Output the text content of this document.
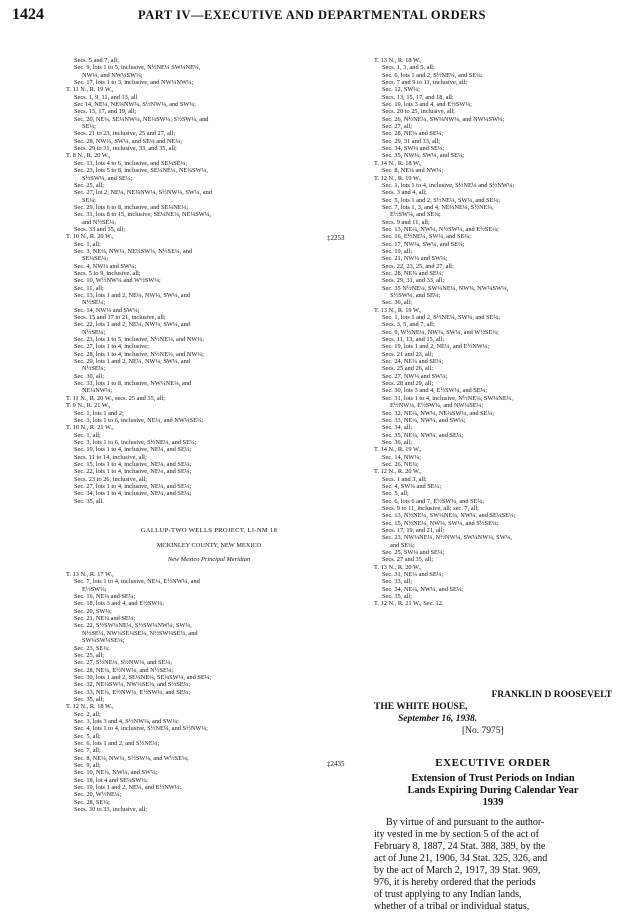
1424	PART IV—EXECUTIVE AND DEPARTMENTAL ORDERS
Secs. 5 and 7, all;
Sec. 9, lots 1 to 5, inclusive, N½NE¼ SW¼NE¼,
NW¼, and NW¼SW¼;
Sec. 17, lots 1 to 3, inclusive, and NW¼NW¼;
T. 11 N., R. 19 W.,
Secs. 1, 9, 11, and 13, all
Sec 14, NE¼, NE¼NW¼, S½NW¼, and SW¼;
Secs. 15, 17, and 19, all;
Sec. 20, NE¼, SE¼NW¼, NE¼SW¼, S½SW¼, and
SE¼;
Secs. 21 to 23, inclusive, 25 and 27, all;
Sec. 28, NW¼, SW¼, and SE¼ and NE¼;
Secs. 29 to 31, inclusive, 33, and 35, all;
T. 8 N., R. 20 W.,
Sec. 13, lots 4 to 6, inclusive, and SE¼SE¼;
Sec. 23, lots 5 to 8, inclusive, SE¼NE¼, NE¼SW¼,
S½SW¼, and SE¼;
Sec. 25, all;
Sec. 27, lot 2, NE¼, NE¼NW¼, S½NW¼, SW¼, and
SE¼;
Sec. 29, lots 6 to 8, inclusive, and SE¼NE¼;
Sec. 31, lots 8 to 15, inclusive, SE¼NE¼, NE¼SW¼,
and N½SE¼;
Secs. 33 and 35, all;
T. 10 N., R. 20 W.,
Sec. 1, all;
Sec. 3, NE¼, NW¼, NE¼SW¼, N½SE¼, and
SE¼SE¼;
Sec. 4, NW¼ and SW¼;
Secs. 5 to 9, inclusive, all;
Sec. 10, W½NW¼ and W½SW¼;
Sec. 11, all;
Sec. 13, lots 1 and 2, NE¼, NW¼, SW¼, and
N½SE¼;
Sec. 14, NW¼ and SW¼;
Secs. 15 and 17 to 21, inclusive, all;
Sec. 22, lots 1 and 2, NE¼, NW¼, SW¼, and
N½SE¼;
Sec. 23, lots 1 to 5, inclusive, N½NE¼, and NW¼;
Sec. 27, lots 1 to 4, inclusive;
Sec. 28, lots 1 to 4, inclusive, N½NE¼, and NW¼;
Sec. 29, lots 1 and 2, NE¼, NW¼, SW¼, and
N½SE¼;
Sec. 30, all;
Sec. 31, lots 1 to 8, inclusive, NW¼NE¼, and
NE¼NW¼;
T. 11 N., R. 20 W., secs. 25 and 35, all;
T. 9 N., R. 21 W.,
Sec. 1, lots 1 and 2;
Sec. 3, lots 1 to 6, inclusive, NE¼, and NW¼SE¼;
T. 10 N., R. 21 W.,
Sec. 1, all;
Sec. 3, lots 1 to 6, inclusive, S½NE¼, and SE¼;
Sec. 10, lots 1 to 4, inclusive, NE¼, and SE¼;
Secs. 11 to 14, inclusive, all;
Sec. 15, lots 1 to 4, inclusive, NE¼, and SE¼;
Sec. 22, lots 1 to 4, inclusive, NE¼, and SE¼;
Secs. 23 to 26, inclusive, all;
Sec. 27, lots 1 to 4, inclusive, NE¼, and SE¼;
Sec. 34, lots 1 to 4, inclusive, NE¼, and SE¼;
Sec. 35, all.

GALLUP-TWO WELLS PROJECT, LI-NM 18

MCKINLEY COUNTY, NEW MEXICO

New Mexico Principal Meridian

T. 13 N., R. 17 W.,
Sec. 7, lots 1 to 4, inclusive, NE¼, E½NW¼, and
E½SW¼;
Sec. 16, NE¼ and SE¼;
Sec. 18, lots 3 and 4, and E½SW¼;
Sec. 20, SW¼;
Sec. 21, NE¼ and SE¼;
Sec. 22, S½SW¼NE¼, S½SW¼NW¼, SW¼,
N½SE¼, NW¼SE¼SE¼, N½SW¼SE¼, and
SW¼SW¼SE¼;
Sec. 23, SE¼;
Sec. 25, all;
Sec. 27, S½NE¼, S½NW¼, and SE¼;
Sec. 28, NE¼, E½NW¼, and N½SE¼;
Sec. 30, lots 1 and 2, SE¼NE¼, SE¼SW¼, and SE¼;
Sec. 32, NE¼SW¼, NW¼SE¼, and S½SE¼;
Sec. 33, NE¼, E½NW¼, E½SW¼, and SE¼;
Sec. 35, all;
T. 12 N., R. 18 W.,
Sec. 2, all;
Sec. 3, lots 3 and 4, S½NW¼, and SW¼;
Sec. 4, lots 1 to 4, inclusive, S½NE¼, and S½NW¼;
Sec. 5, all;
Sec. 6, lots 1 and 2, and S½NE¼;
Sec. 7, all;
Sec. 8, NE¼, NW¼, S½SW¼, and W½SE¼;
Sec. 9, all;
Sec. 10, NE¼, NW¼, and SW¼;
Sec. 18, lot 4 and SE¼SW¼;
Sec. 19, lots 1 and 2, NE¼, and E½NW¼;
Sec. 20, W½NE¼;
Sec. 28, SE¼;
Secs. 30 to 33, inclusive, all;
T. 13 N., R. 18 W.,
Secs. 1, 3, and 5, all;
Sec. 6, lots 1 and 2, S½NE¼, and SE¼;
Secs. 7 and 9 to 11, inclusive, all;
Sec. 12, SW¼;
Secs. 13, 15, 17, and 18, all;
Sec. 19, lots 3 and 4, and E½SW¼;
Secs. 20 to 25, inclusive, all;
Sec. 26, N½NE¼, SW¼NW¼, and NW¼SW¼;
Sec. 27, all;
Sec. 28, NE¼ and SE¼;
Sec. 29, 31 and 33, all;
Sec. 34, SW¼ and SE¼;
Sec. 35, NW¼, SW¼, and SE¼;
T. 14 N., R. 18 W.,
Sec. 8, NE¼ and NW¼;
T. 12 N., R. 19 W.,
Sec. 1, lots 1 to 4, inclusive, S½NE¼ and S½NW¼;
Secs. 3 and 4, all;
Sec. 5, lots 1 and 2, S½NE¼, SW¼, and SE¼;
Sec. 7, lots 1, 3, and 4, NE¼NE¼, S½NE¼,
E½SW¼, and SE¼;
Secs. 9 and 11, all;
Sec. 13, NE¼, NW¼, N½SW¼, and E½SE¼;
Sec. 16, E½NE¼, SW¼, and SE¼;
Sec. 17, NW¼, SW¼, and SE¼;
Sec. 19, all;
Sec. 21, NW¼ and SW¼;
Secs. 22, 23, 25, and 27, all;
Sec. 28, NE¼ and SE¼;
Secs. 29, 31, and 33, all;
Sec. 35 N½NE¼, SW¼NE¼, NW¼, NW¼SW¼,
S½SW¼, and SE¼;
Sec. 36, all;
T. 13 N., R. 19 W.,
Sec. 1, lots 1 and 2, S½NE¼, SW¼, and SE¼;
Secs. 3, 5, and 7, all;
Sec. 9, W½NE¼, NW¼, SW¼, and W½SE¼;
Secs. 11, 13, and 15, all;
Sec. 19, lots 1 and 2, NE¼, and E½NW¼;
Secs. 21 and 23, all;
Sec. 24, NE¼ and SE¼;
Secs. 25 and 26, all;
Sec. 27, NW¼ and SW¼;
Secs. 28 and 29, all;
Sec. 30, lots 3 and 4, E½SW¼, and SE¼;
Sec. 31, lots 1 to 4, inclusive, N½NE¼, SW¼NE¼,
E½NW¼, E½SW¼, and NW¼SE¼;
Sec. 32, NE¼, NW¼, NE¼SW¼, and SE¼;
Sec. 33, NE¼, NW¼, and SW¼;
Sec. 34, all;
Sec. 35, NE¼, NW¼, and SE¼;
Sec. 36, all;
T. 14 N., R. 19 W.,
Sec. 14, NW¼;
Sec. 26, NE¼;
T. 12 N., R. 20 W.,
Secs. 1 and 3, all;
Sec. 4, SW¼ and SE¼;
Sec. 5, all;
Sec. 6, lots 6 and 7, E½SW¼, and SE¼;
Secs. 9 to 11, inclusive, all; sec. 7, all;
Sec. 13, N½NE¼, SW¼NE¼, NW¼, and SE¼SE¼;
Sec. 15, N½NE¼, NW¼, SW¼, and S½SE¼;
Secs. 17, 19, and 21, all;
Sec. 23, NW¼NE¼, N½NW¼, SW¼NW¼, SW¼,
and SE¼;
Sec. 25, SW¼ and SE¼;
Secs. 27 and 35, all;
T. 13 N., R. 20 W.,
Sec. 31, NE¼ and SE¼;
Sec. 33, all;
Sec. 34, NE¼, NW¼, and SE¼;
Sec. 35, all;
T. 12 N., R. 21 W., Sec. 12.
‡2253
‡2435
FRANKLIN D ROOSEVELT
THE WHITE HOUSE,
September 16, 1938.
[No. 7975]
EXECUTIVE ORDER
Extension of Trust Periods on Indian
Lands Expiring During Calendar Year
1939
By virtue of and pursuant to the author-
ity vested in me by section 5 of the act of
February 8, 1887, 24 Stat. 388, 389, by the
act of June 21, 1906, 34 Stat. 325, 326, and
by the act of March 2, 1917, 39 Stat. 969,
976, it is hereby ordered that the periods
of trust applying to any Indian lands,
whether of a tribal or individual status,
